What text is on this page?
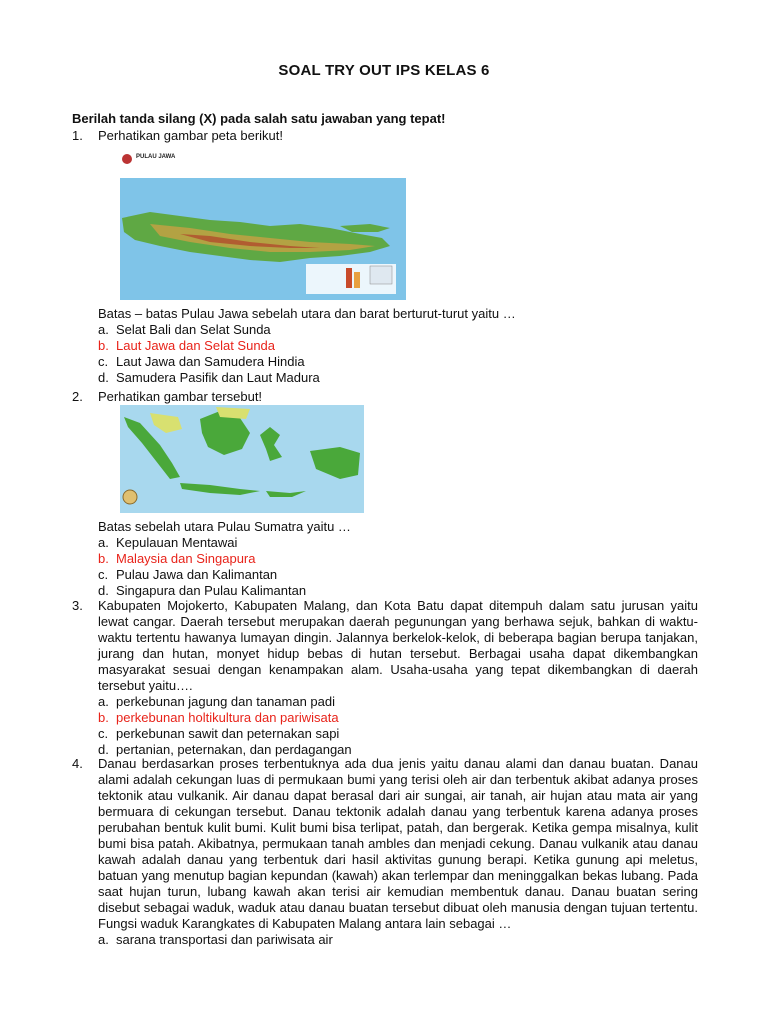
SOAL TRY OUT IPS KELAS 6
Berilah tanda silang (X) pada salah satu jawaban yang tepat!
1. Perhatikan gambar peta berikut!
PULAU JAWA
Batas – batas Pulau Jawa sebelah utara dan barat berturut-turut yaitu …
a. Selat Bali dan Selat Sunda
b. Laut Jawa dan Selat Sunda
c. Laut Jawa dan Samudera Hindia
d. Samudera Pasifik dan Laut Madura
2. Perhatikan gambar tersebut!
Batas sebelah utara Pulau Sumatra yaitu …
a. Kepulauan Mentawai
b. Malaysia dan Singapura
c. Pulau Jawa dan Kalimantan
d. Singapura dan Pulau Kalimantan
3. Kabupaten Mojokerto, Kabupaten Malang, dan Kota Batu dapat ditempuh dalam satu jurusan yaitu lewat cangar. Daerah tersebut merupakan daerah pegunungan yang berhawa sejuk, bahkan di waktu-waktu tertentu hawanya lumayan dingin. Jalannya berkelok-kelok, di beberapa bagian berupa tanjakan, jurang dan hutan, monyet hidup bebas di hutan tersebut. Berbagai usaha dapat dikembangkan masyarakat sesuai dengan kenampakan alam. Usaha-usaha yang tepat dikembangkan di daerah tersebut yaitu….
a. perkebunan jagung dan tanaman padi
b. perkebunan holtikultura dan pariwisata
c. perkebunan sawit dan peternakan sapi
d. pertanian, peternakan, dan perdagangan
4. Danau berdasarkan proses terbentuknya ada dua jenis yaitu danau alami dan danau buatan. Danau alami adalah cekungan luas di permukaan bumi yang terisi oleh air dan terbentuk akibat adanya proses tektonik atau vulkanik. Air danau dapat berasal dari air sungai, air tanah, air hujan atau mata air yang bermuara di cekungan tersebut. Danau tektonik adalah danau yang terbentuk karena adanya proses perubahan bentuk kulit bumi. Kulit bumi bisa terlipat, patah, dan bergerak. Ketika gempa misalnya, kulit bumi bisa patah. Akibatnya, permukaan tanah ambles dan menjadi cekung. Danau vulkanik atau danau kawah adalah danau yang terbentuk dari hasil aktivitas gunung berapi. Ketika gunung api meletus, batuan yang menutup bagian kepundan (kawah) akan terlempar dan meninggalkan bekas lubang. Pada saat hujan turun, lubang kawah akan terisi air kemudian membentuk danau. Danau buatan sering disebut sebagai waduk, waduk atau danau buatan tersebut dibuat oleh manusia dengan tujuan tertentu. Fungsi waduk Karangkates di Kabupaten Malang antara lain sebagai …
a. sarana transportasi dan pariwisata air
